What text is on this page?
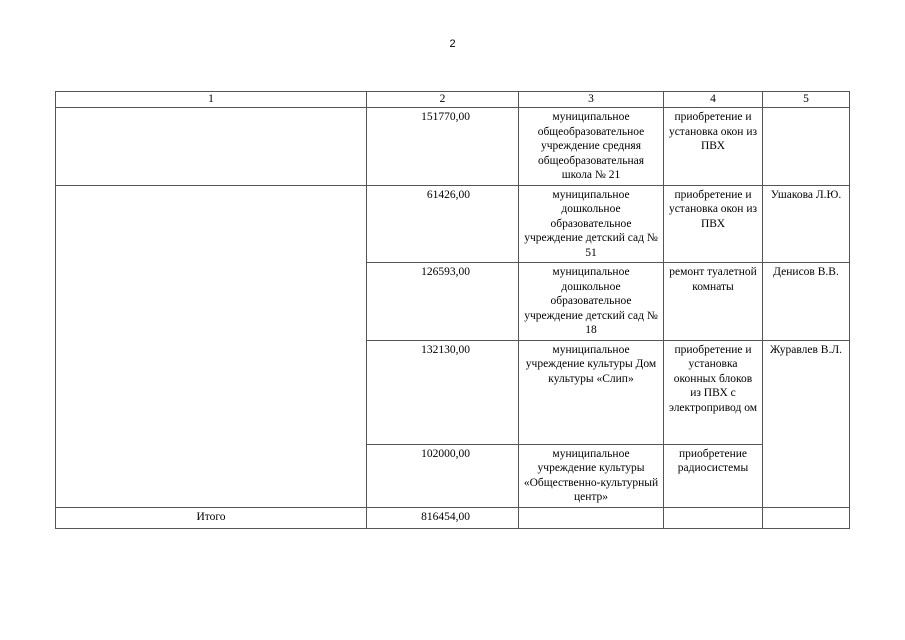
2
1	2	3	4	5
	151770,00	муниципальное общеобразовательное учреждение средняя общеобразовательная школа № 21	приобретение и установка окон из ПВХ	
	61426,00	муниципальное дошкольное образовательное учреждение детский сад № 51	приобретение и установка окон из ПВХ	Ушакова Л.Ю.
	126593,00	муниципальное дошкольное образовательное учреждение детский сад № 18	ремонт туалетной комнаты	Денисов В.В.
	132130,00	муниципальное учреждение культуры Дом культуры «Слип»	приобретение и установка оконных блоков из ПВХ с электропривод ом	Журавлев В.Л.
	102000,00	муниципальное учреждение культуры «Общественно-культурный центр»	приобретение радиосистемы	
Итого	816454,00			
